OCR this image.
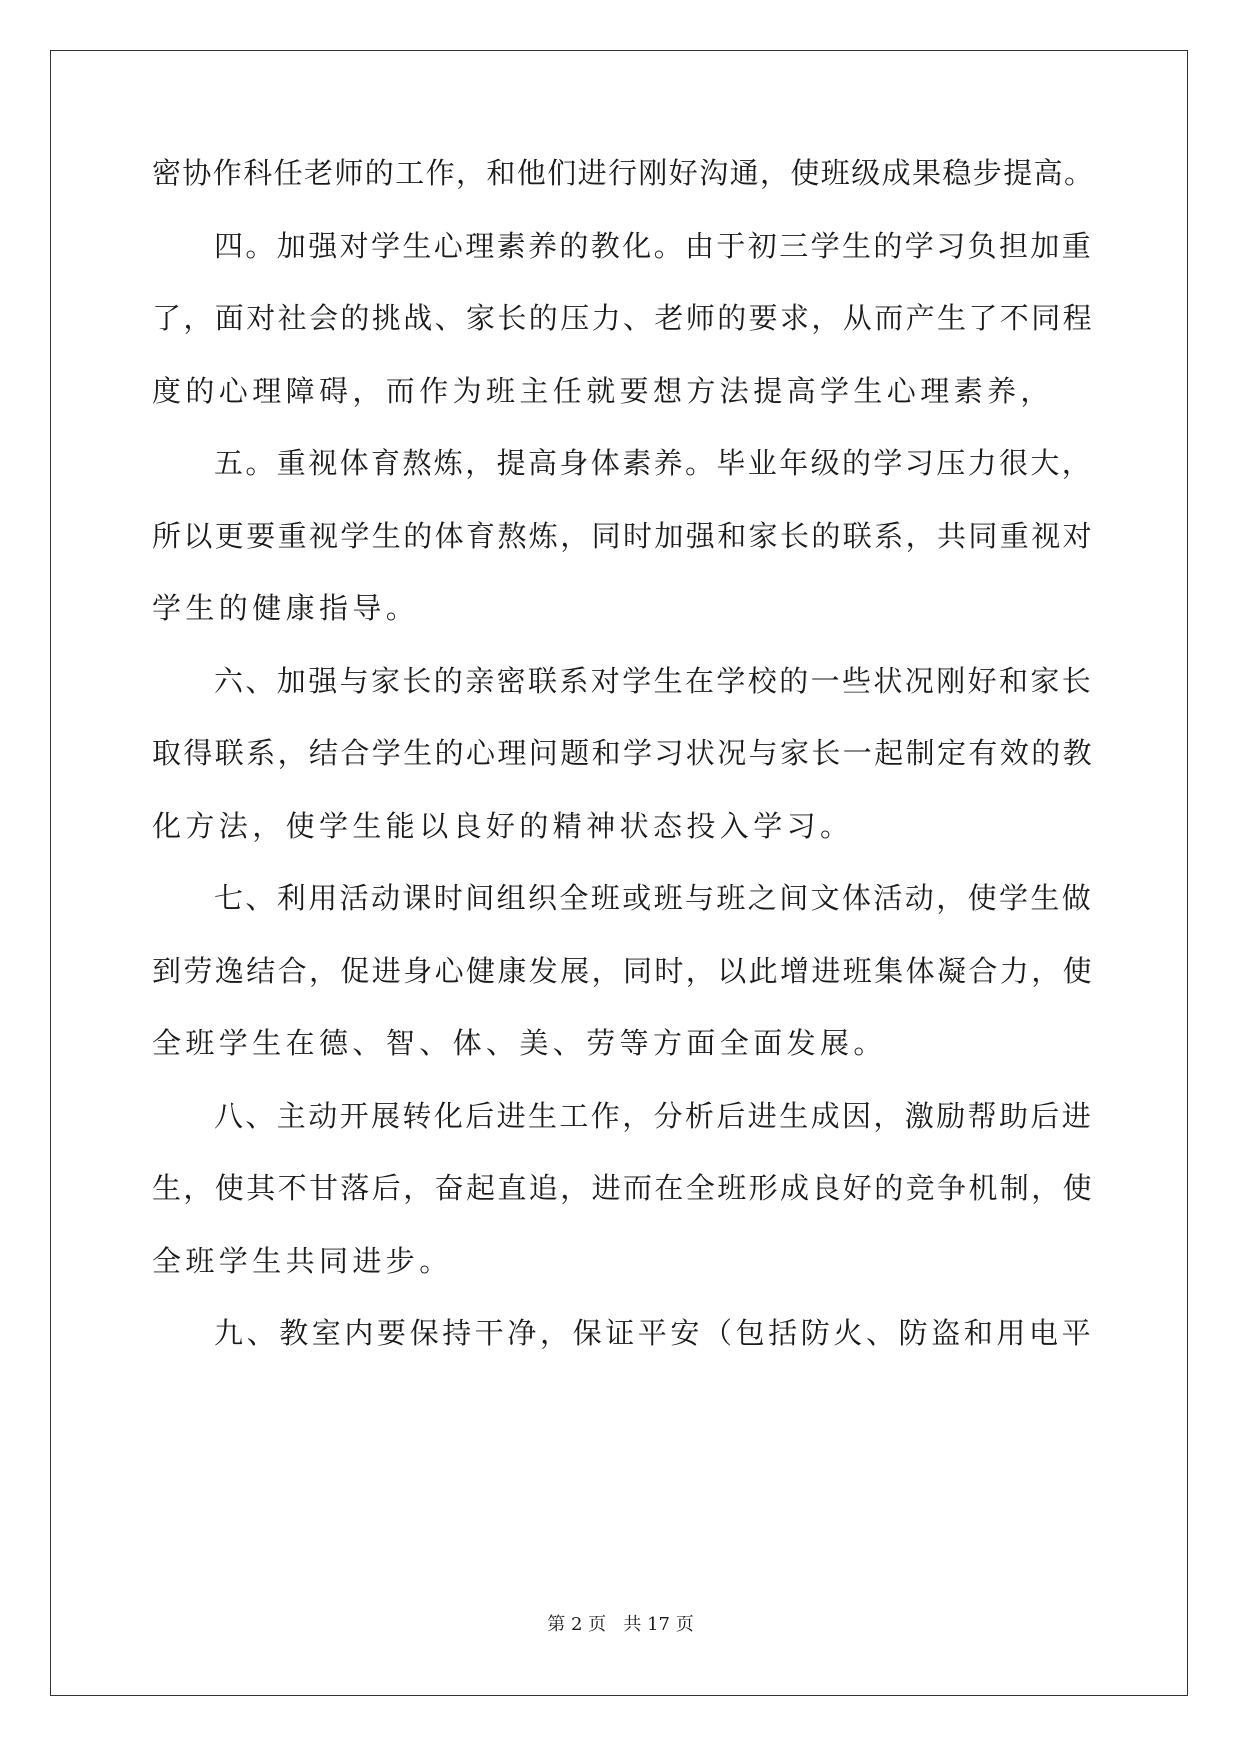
密协作科任老师的工作，和他们进行刚好沟通，使班级成果稳步提高。
四。加强对学生心理素养的教化。由于初三学生的学习负担加重
了，面对社会的挑战、家长的压力、老师的要求，从而产生了不同程
度的心理障碍，而作为班主任就要想方法提高学生心理素养，
五。重视体育熬炼，提高身体素养。毕业年级的学习压力很大，
所以更要重视学生的体育熬炼，同时加强和家长的联系，共同重视对
学生的健康指导。
六、加强与家长的亲密联系对学生在学校的一些状况刚好和家长
取得联系，结合学生的心理问题和学习状况与家长一起制定有效的教
化方法，使学生能以良好的精神状态投入学习。
七、利用活动课时间组织全班或班与班之间文体活动，使学生做
到劳逸结合，促进身心健康发展，同时，以此增进班集体凝合力，使
全班学生在德、智、体、美、劳等方面全面发展。
八、主动开展转化后进生工作，分析后进生成因，激励帮助后进
生，使其不甘落后，奋起直追，进而在全班形成良好的竞争机制，使
全班学生共同进步。
九、教室内要保持干净，保证平安（包括防火、防盗和用电平
第 2 页 共 17 页
